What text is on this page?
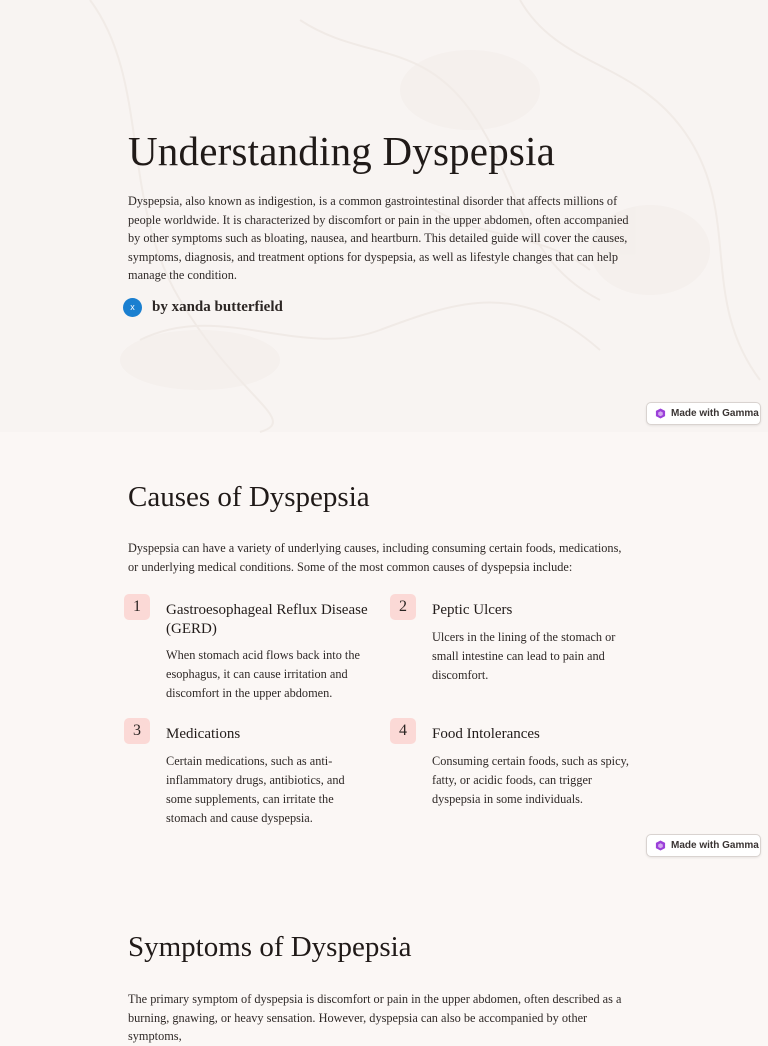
Understanding Dyspepsia

Dyspepsia, also known as indigestion, is a common gastrointestinal disorder that affects millions of people worldwide. It is characterized by discomfort or pain in the upper abdomen, often accompanied by other symptoms such as bloating, nausea, and heartburn. This detailed guide will cover the causes, symptoms, diagnosis, and treatment options for dyspepsia, as well as lifestyle changes that can help manage the condition.

x	by xanda butterfield
Made with Gamma
Causes of Dyspepsia

Dyspepsia can have a variety of underlying causes, including consuming certain foods, medications, or underlying medical conditions. Some of the most common causes of dyspepsia include:

1	Gastroesophageal Reflux Disease (GERD)
When stomach acid flows back into the esophagus, it can cause irritation and discomfort in the upper abdomen.
2	Peptic Ulcers
Ulcers in the lining of the stomach or small intestine can lead to pain and discomfort.
3	Medications
Certain medications, such as anti-inflammatory drugs, antibiotics, and some supplements, can irritate the stomach and cause dyspepsia.
4	Food Intolerances
Consuming certain foods, such as spicy, fatty, or acidic foods, can trigger dyspepsia in some individuals.
Made with Gamma
Symptoms of Dyspepsia

The primary symptom of dyspepsia is discomfort or pain in the upper abdomen, often described as a burning, gnawing, or heavy sensation. However, dyspepsia can also be accompanied by other symptoms,
